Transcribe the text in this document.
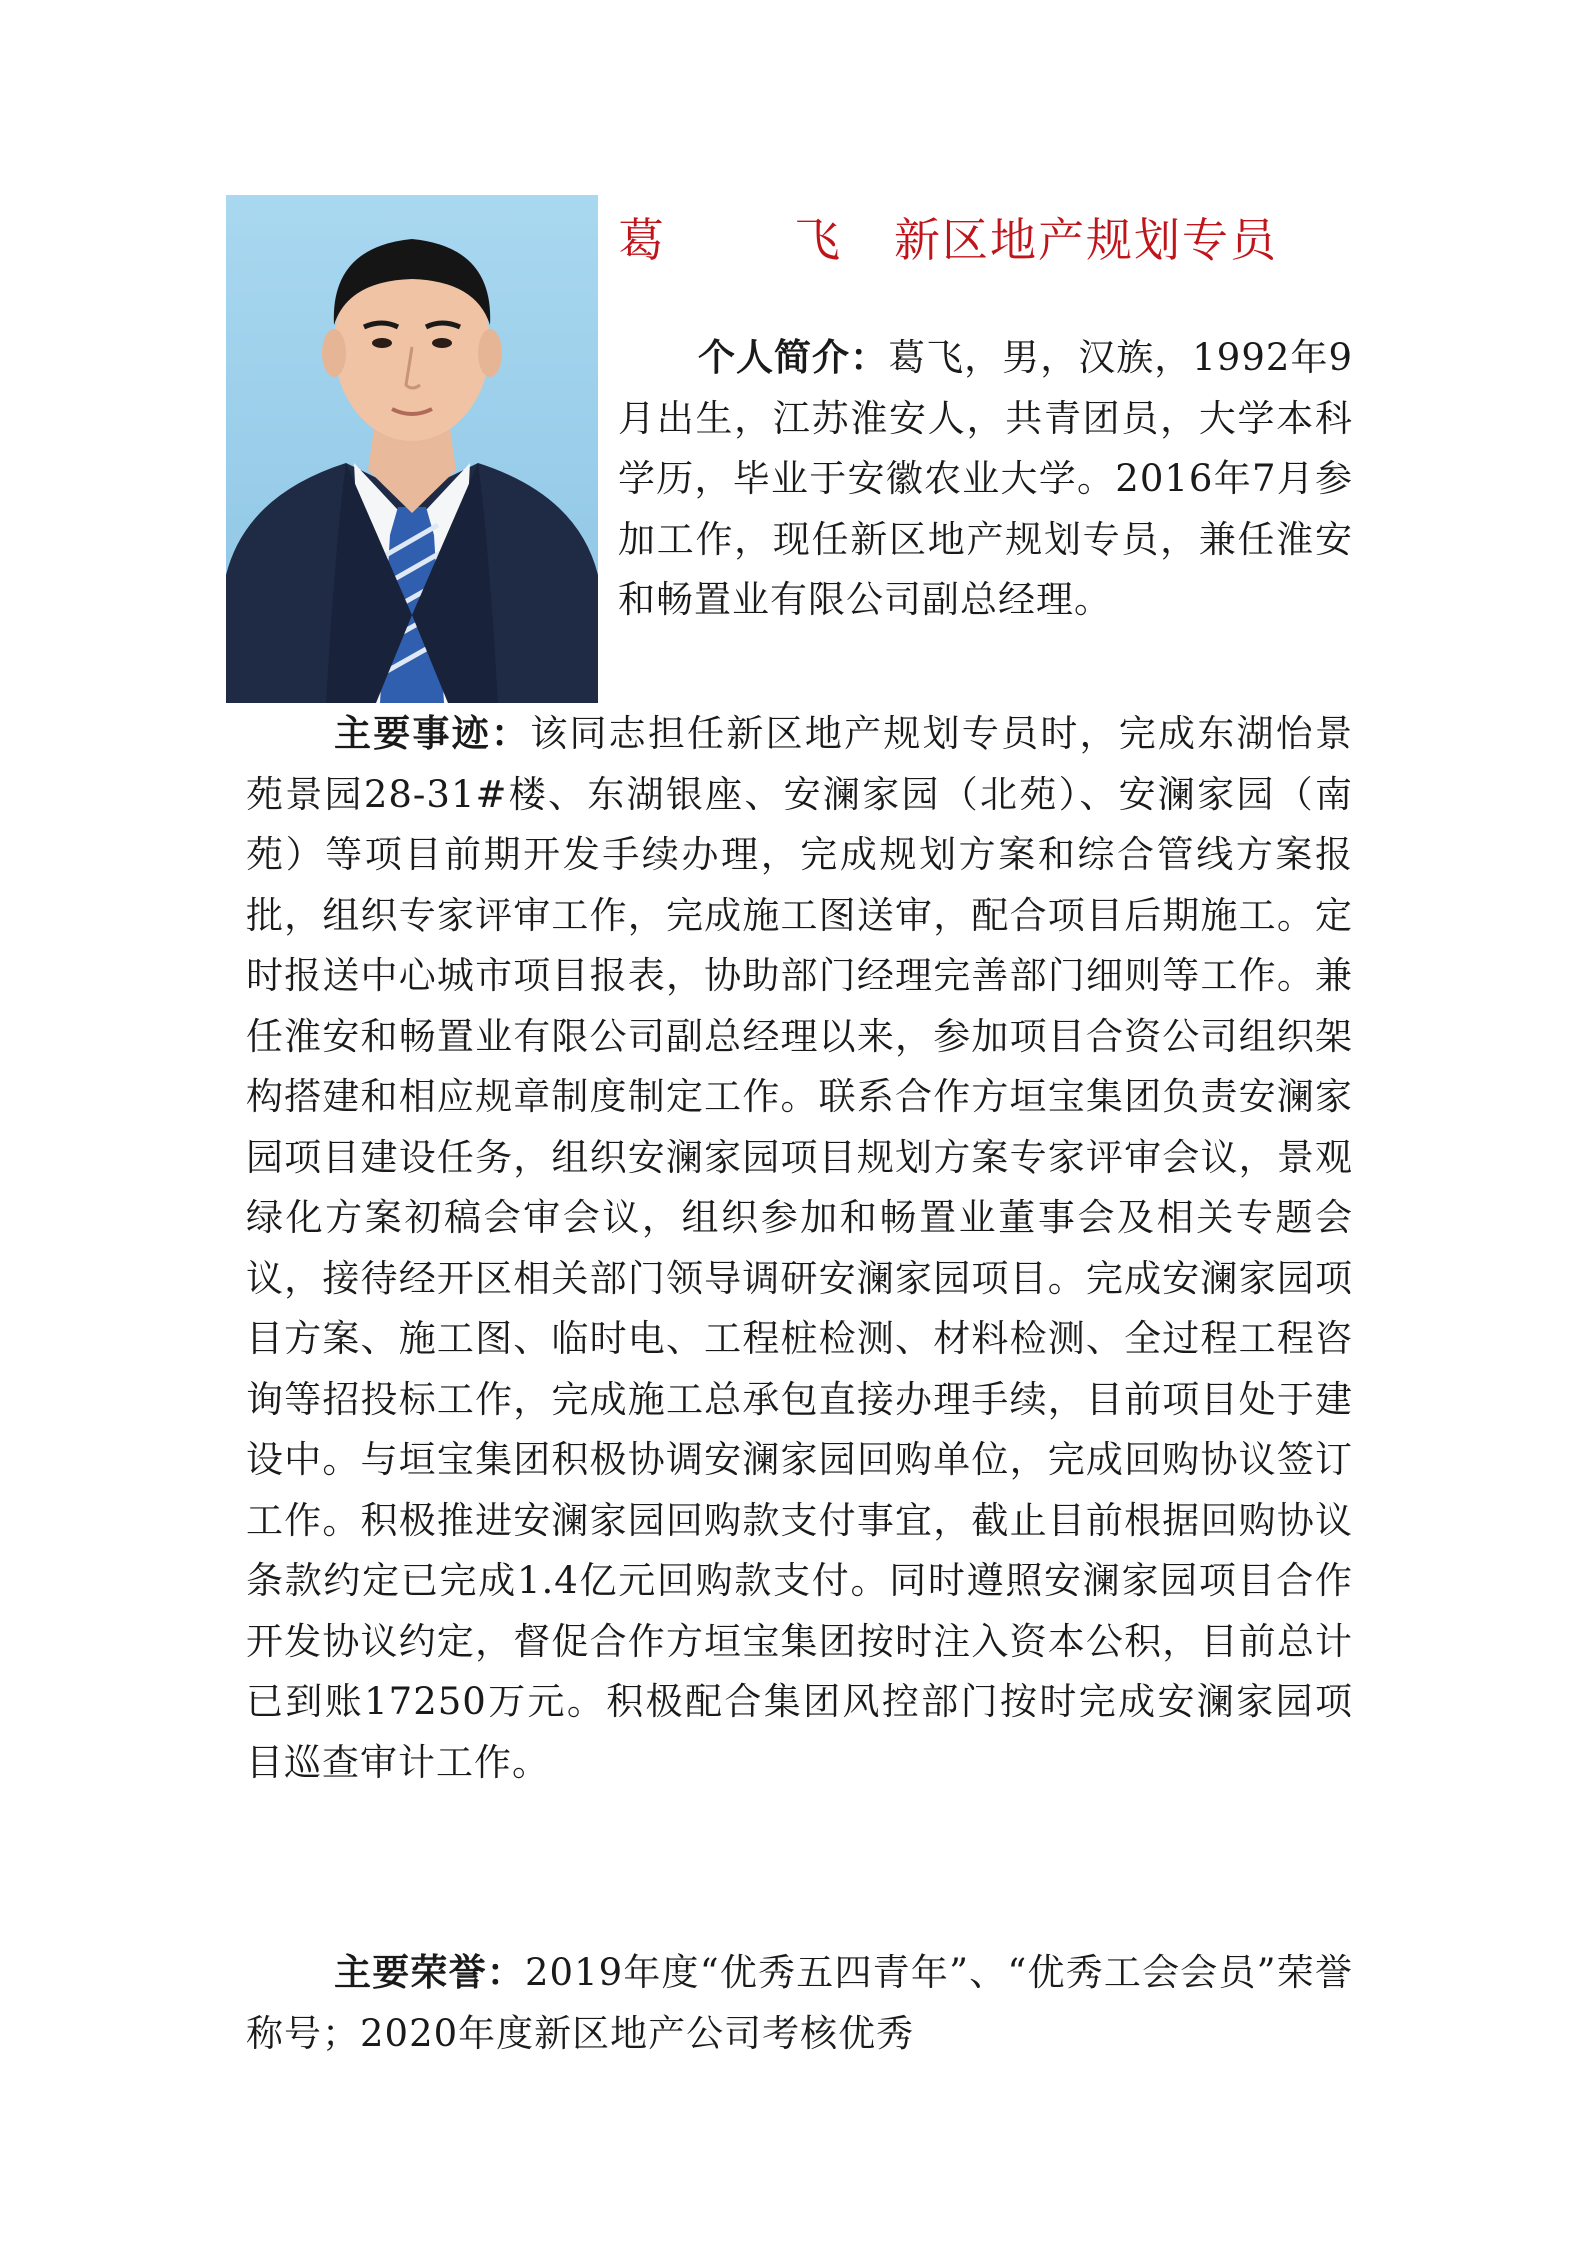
葛　飞 新区地产规划专员

个人简介：葛飞，男，汉族，1992年9月出生，江苏淮安人，共青团员，大学本科学历，毕业于安徽农业大学。2016年7月参加工作，现任新区地产规划专员，兼任淮安和畅置业有限公司副总经理。

主要事迹：该同志担任新区地产规划专员时，完成东湖怡景苑景园28-31#楼、东湖银座、安澜家园（北苑）、安澜家园（南苑）等项目前期开发手续办理，完成规划方案和综合管线方案报批，组织专家评审工作，完成施工图送审，配合项目后期施工。定时报送中心城市项目报表，协助部门经理完善部门细则等工作。兼任淮安和畅置业有限公司副总经理以来，参加项目合资公司组织架构搭建和相应规章制度制定工作。联系合作方垣宝集团负责安澜家园项目建设任务，组织安澜家园项目规划方案专家评审会议，景观绿化方案初稿会审会议，组织参加和畅置业董事会及相关专题会议，接待经开区相关部门领导调研安澜家园项目。完成安澜家园项目方案、施工图、临时电、工程桩检测、材料检测、全过程工程咨询等招投标工作，完成施工总承包直接办理手续，目前项目处于建设中。与垣宝集团积极协调安澜家园回购单位，完成回购协议签订工作。积极推进安澜家园回购款支付事宜，截止目前根据回购协议条款约定已完成1.4亿元回购款支付。同时遵照安澜家园项目合作开发协议约定，督促合作方垣宝集团按时注入资本公积，目前总计已到账17250万元。积极配合集团风控部门按时完成安澜家园项目巡查审计工作。

主要荣誉：2019年度“优秀五四青年”、“优秀工会会员”荣誉称号；2020年度新区地产公司考核优秀
